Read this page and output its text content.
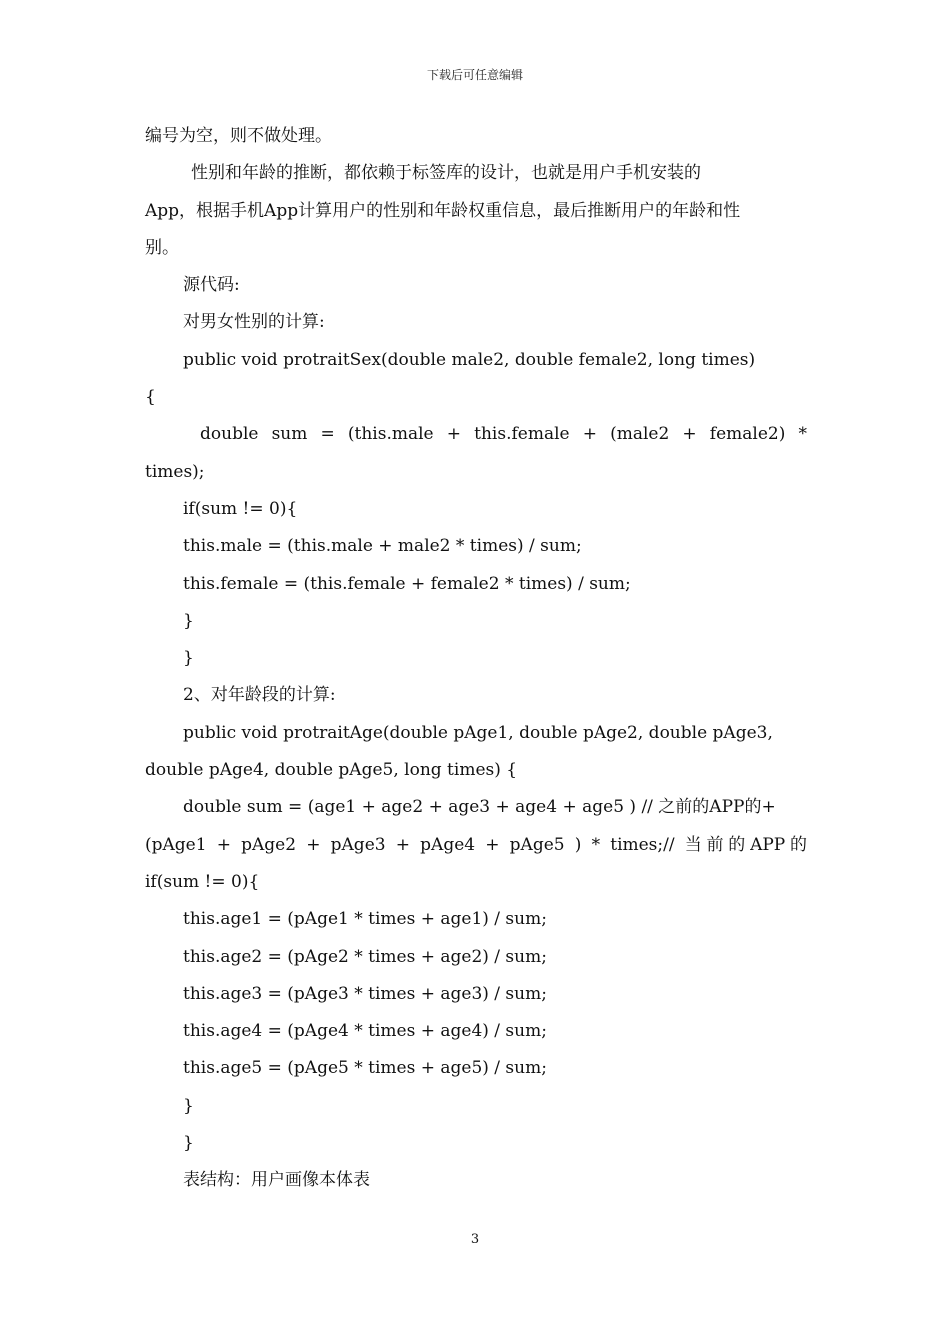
下载后可任意编辑
编号为空，则不做处理。
性别和年龄的推断，都依赖于标签库的设计，也就是用户手机安装的
App，根据手机App计算用户的性别和年龄权重信息，最后推断用户的年龄和性
别。
源代码:
对男女性别的计算:
public void protraitSex(double male2, double female2, long times)
{
double sum = (this.male + this.female + (male2 + female2) *
times);
if(sum != 0){
this.male = (this.male + male2 * times) / sum;
this.female = (this.female + female2 * times) / sum;
}
}
2、对年龄段的计算:
public void protraitAge(double pAge1, double pAge2, double pAge3,
double pAge4, double pAge5, long times) {
double sum = (age1 + age2 + age3 + age4 + age5 ) // 之前的APP的+
(pAge1 + pAge2 + pAge3 + pAge4 + pAge5 ) * times;// 当前的APP的
if(sum != 0){
this.age1 = (pAge1 * times + age1) / sum;
this.age2 = (pAge2 * times + age2) / sum;
this.age3 = (pAge3 * times + age3) / sum;
this.age4 = (pAge4 * times + age4) / sum;
this.age5 = (pAge5 * times + age5) / sum;
}
}
表结构：用户画像本体表
3
